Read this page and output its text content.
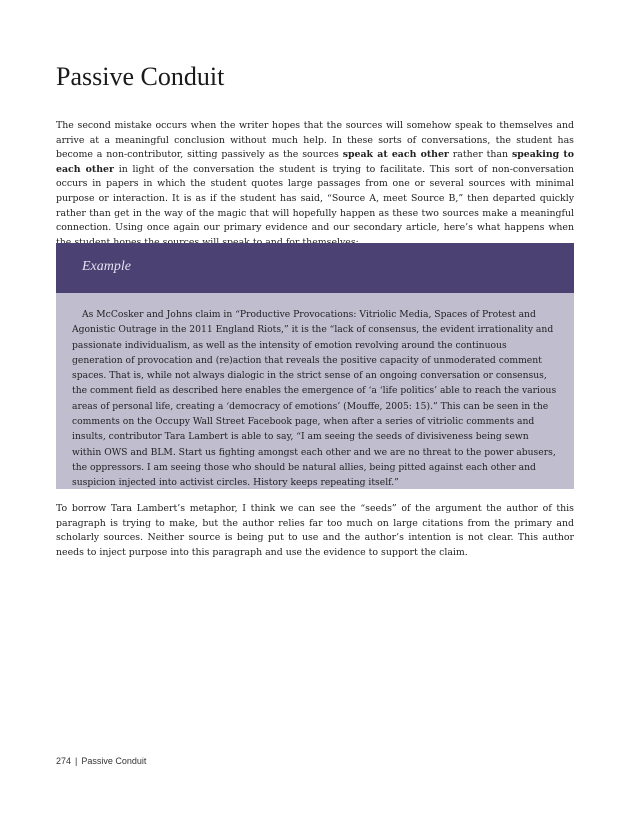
Passive Conduit

The second mistake occurs when the writer hopes that the sources will somehow speak to themselves and arrive at a meaningful conclusion without much help. In these sorts of conversations, the student has become a non-contributor, sitting passively as the sources speak at each other rather than speaking to each other in light of the conversation the student is trying to facilitate. This sort of non-conversation occurs in papers in which the student quotes large passages from one or several sources with minimal purpose or interaction. It is as if the student has said, “Source A, meet Source B,” then departed quickly rather than get in the way of the magic that will hopefully happen as these two sources make a meaningful connection. Using once again our primary evidence and our secondary article, here’s what happens when

Example

As McCosker and Johns claim in “Productive Provocations: Vitriolic Media, Spaces of Protest and Agonistic Outrage in the 2011 England Riots,” it is the “lack of consensus, the evident irrationality and passionate individualism, as well as the intensity of emotion revolving around the continuous generation of provocation and (re)action that reveals the positive capacity of unmoderated comment spaces. That is, while not always dialogic in the strict sense of an ongoing conversation or consensus, the comment field as described here enables the emergence of ‘a ‘life politics’ able to reach the various areas of personal life, creating a ‘democracy of emotions’ (Mouffe, 2005: 15).” This can be seen in the comments on the Occupy Wall Street Facebook page, when after a series of vitriolic comments and insults, contributor Tara Lambert is able to say, “I am seeing the seeds of divisiveness being sewn within OWS and BLM. Start us fighting amongst each other and we are no threat to the power abusers, the oppressors. I am seeing those who should be natural allies, being pitted against each other and suspicion injected into activist circles. History keeps repeating itself.”

To borrow Tara Lambert’s metaphor, I think we can see the “seeds” of the argument the author of this paragraph is trying to make, but the author relies far too much on large citations from the primary and scholarly sources. Neither source is being put to use and the author’s intention is not clear. This author needs to inject purpose into this paragraph and use the evidence to support the claim.

274 | Passive Conduit
